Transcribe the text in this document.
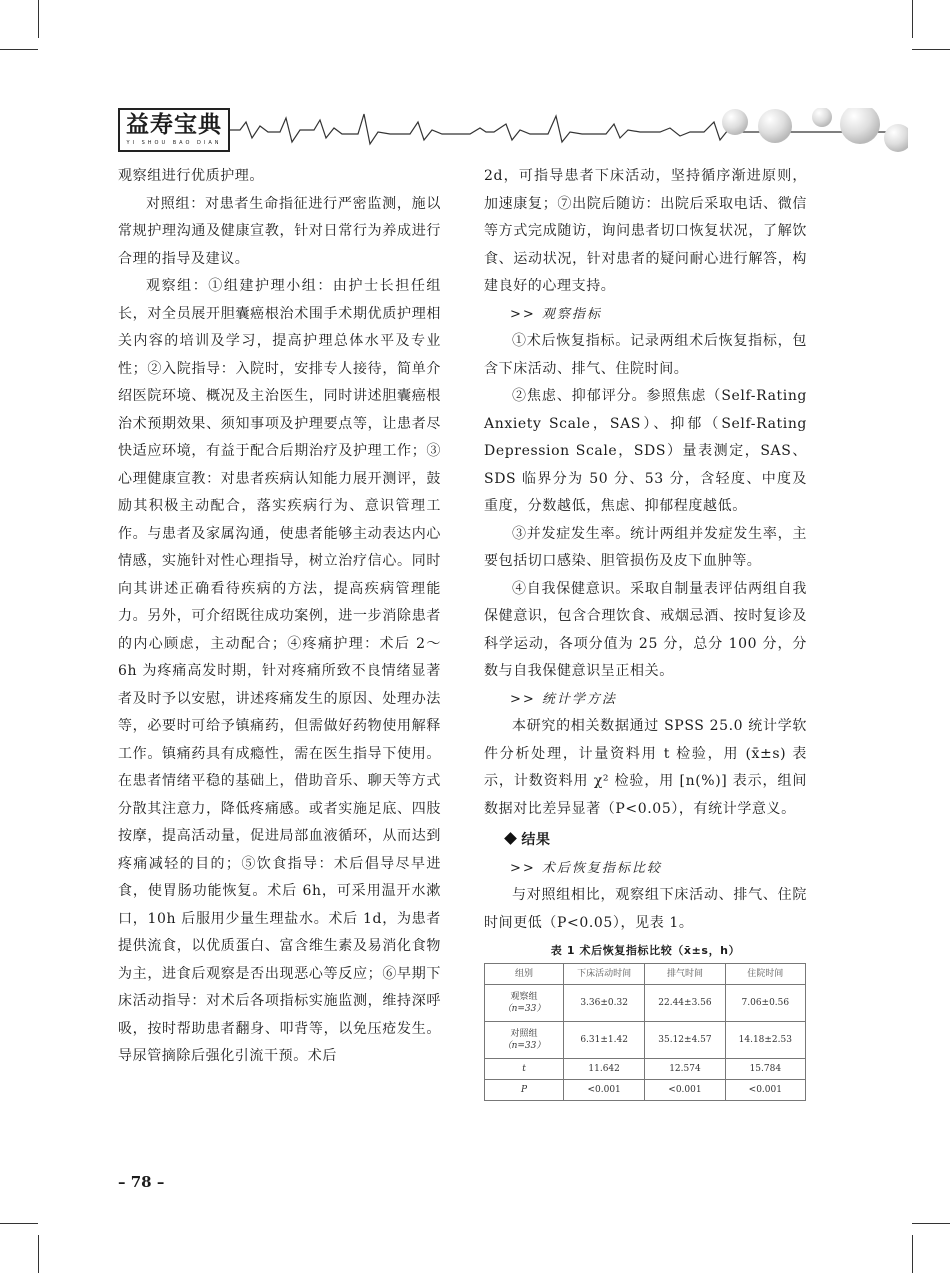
益寿宝典
YI SHOU BAO DIAN

观察组进行优质护理。

对照组：对患者生命指征进行严密监测，施以常规护理沟通及健康宣教，针对日常行为养成进行合理的指导及建议。

观察组：①组建护理小组：由护士长担任组长，对全员展开胆囊癌根治术围手术期优质护理相关内容的培训及学习，提高护理总体水平及专业性；②入院指导：入院时，安排专人接待，简单介绍医院环境、概况及主治医生，同时讲述胆囊癌根治术预期效果、须知事项及护理要点等，让患者尽快适应环境，有益于配合后期治疗及护理工作；③心理健康宣教：对患者疾病认知能力展开测评，鼓励其积极主动配合，落实疾病行为、意识管理工作。与患者及家属沟通，使患者能够主动表达内心情感，实施针对性心理指导，树立治疗信心。同时向其讲述正确看待疾病的方法，提高疾病管理能力。另外，可介绍既往成功案例，进一步消除患者的内心顾虑，主动配合；④疼痛护理：术后 2～6h 为疼痛高发时期，针对疼痛所致不良情绪显著者及时予以安慰，讲述疼痛发生的原因、处理办法等，必要时可给予镇痛药，但需做好药物使用解释工作。镇痛药具有成瘾性，需在医生指导下使用。在患者情绪平稳的基础上，借助音乐、聊天等方式分散其注意力，降低疼痛感。或者实施足底、四肢按摩，提高活动量，促进局部血液循环，从而达到疼痛减轻的目的；⑤饮食指导：术后倡导尽早进食，使胃肠功能恢复。术后 6h，可采用温开水漱口，10h 后服用少量生理盐水。术后 1d，为患者提供流食，以优质蛋白、富含维生素及易消化食物为主，进食后观察是否出现恶心等反应；⑥早期下床活动指导：对术后各项指标实施监测，维持深呼吸，按时帮助患者翻身、叩背等，以免压疮发生。导尿管摘除后强化引流干预。术后

2d，可指导患者下床活动，坚持循序渐进原则，加速康复；⑦出院后随访：出院后采取电话、微信等方式完成随访，询问患者切口恢复状况，了解饮食、运动状况，针对患者的疑问耐心进行解答，构建良好的心理支持。

>> 观察指标

①术后恢复指标。记录两组术后恢复指标，包含下床活动、排气、住院时间。

②焦虑、抑郁评分。参照焦虑（Self-Rating Anxiety Scale，SAS）、抑郁（Self-Rating Depression Scale，SDS）量表测定，SAS、SDS 临界分为 50 分、53 分，含轻度、中度及重度，分数越低，焦虑、抑郁程度越低。

③并发症发生率。统计两组并发症发生率，主要包括切口感染、胆管损伤及皮下血肿等。

④自我保健意识。采取自制量表评估两组自我保健意识，包含合理饮食、戒烟忌酒、按时复诊及科学运动，各项分值为 25 分，总分 100 分，分数与自我保健意识呈正相关。

>> 统计学方法

本研究的相关数据通过 SPSS 25.0 统计学软件分析处理，计量资料用 t 检验，用 (x̄±s) 表示，计数资料用 χ² 检验，用 [n(%)] 表示，组间数据对比差异显著（P<0.05），有统计学意义。

结果
>> 术后恢复指标比较

与对照组相比，观察组下床活动、排气、住院时间更低（P<0.05），见表 1。

表 1 术后恢复指标比较（x̄±s，h）
组别	下床活动时间	排气时间	住院时间

观察组
（n=33）	3.36±0.32	22.44±3.56	7.06±0.56

对照组
（n=33）	6.31±1.42	35.12±4.57	14.18±2.53
t	11.642	12.574	15.784
P	<0.001	<0.001	<0.001
– 78 –
